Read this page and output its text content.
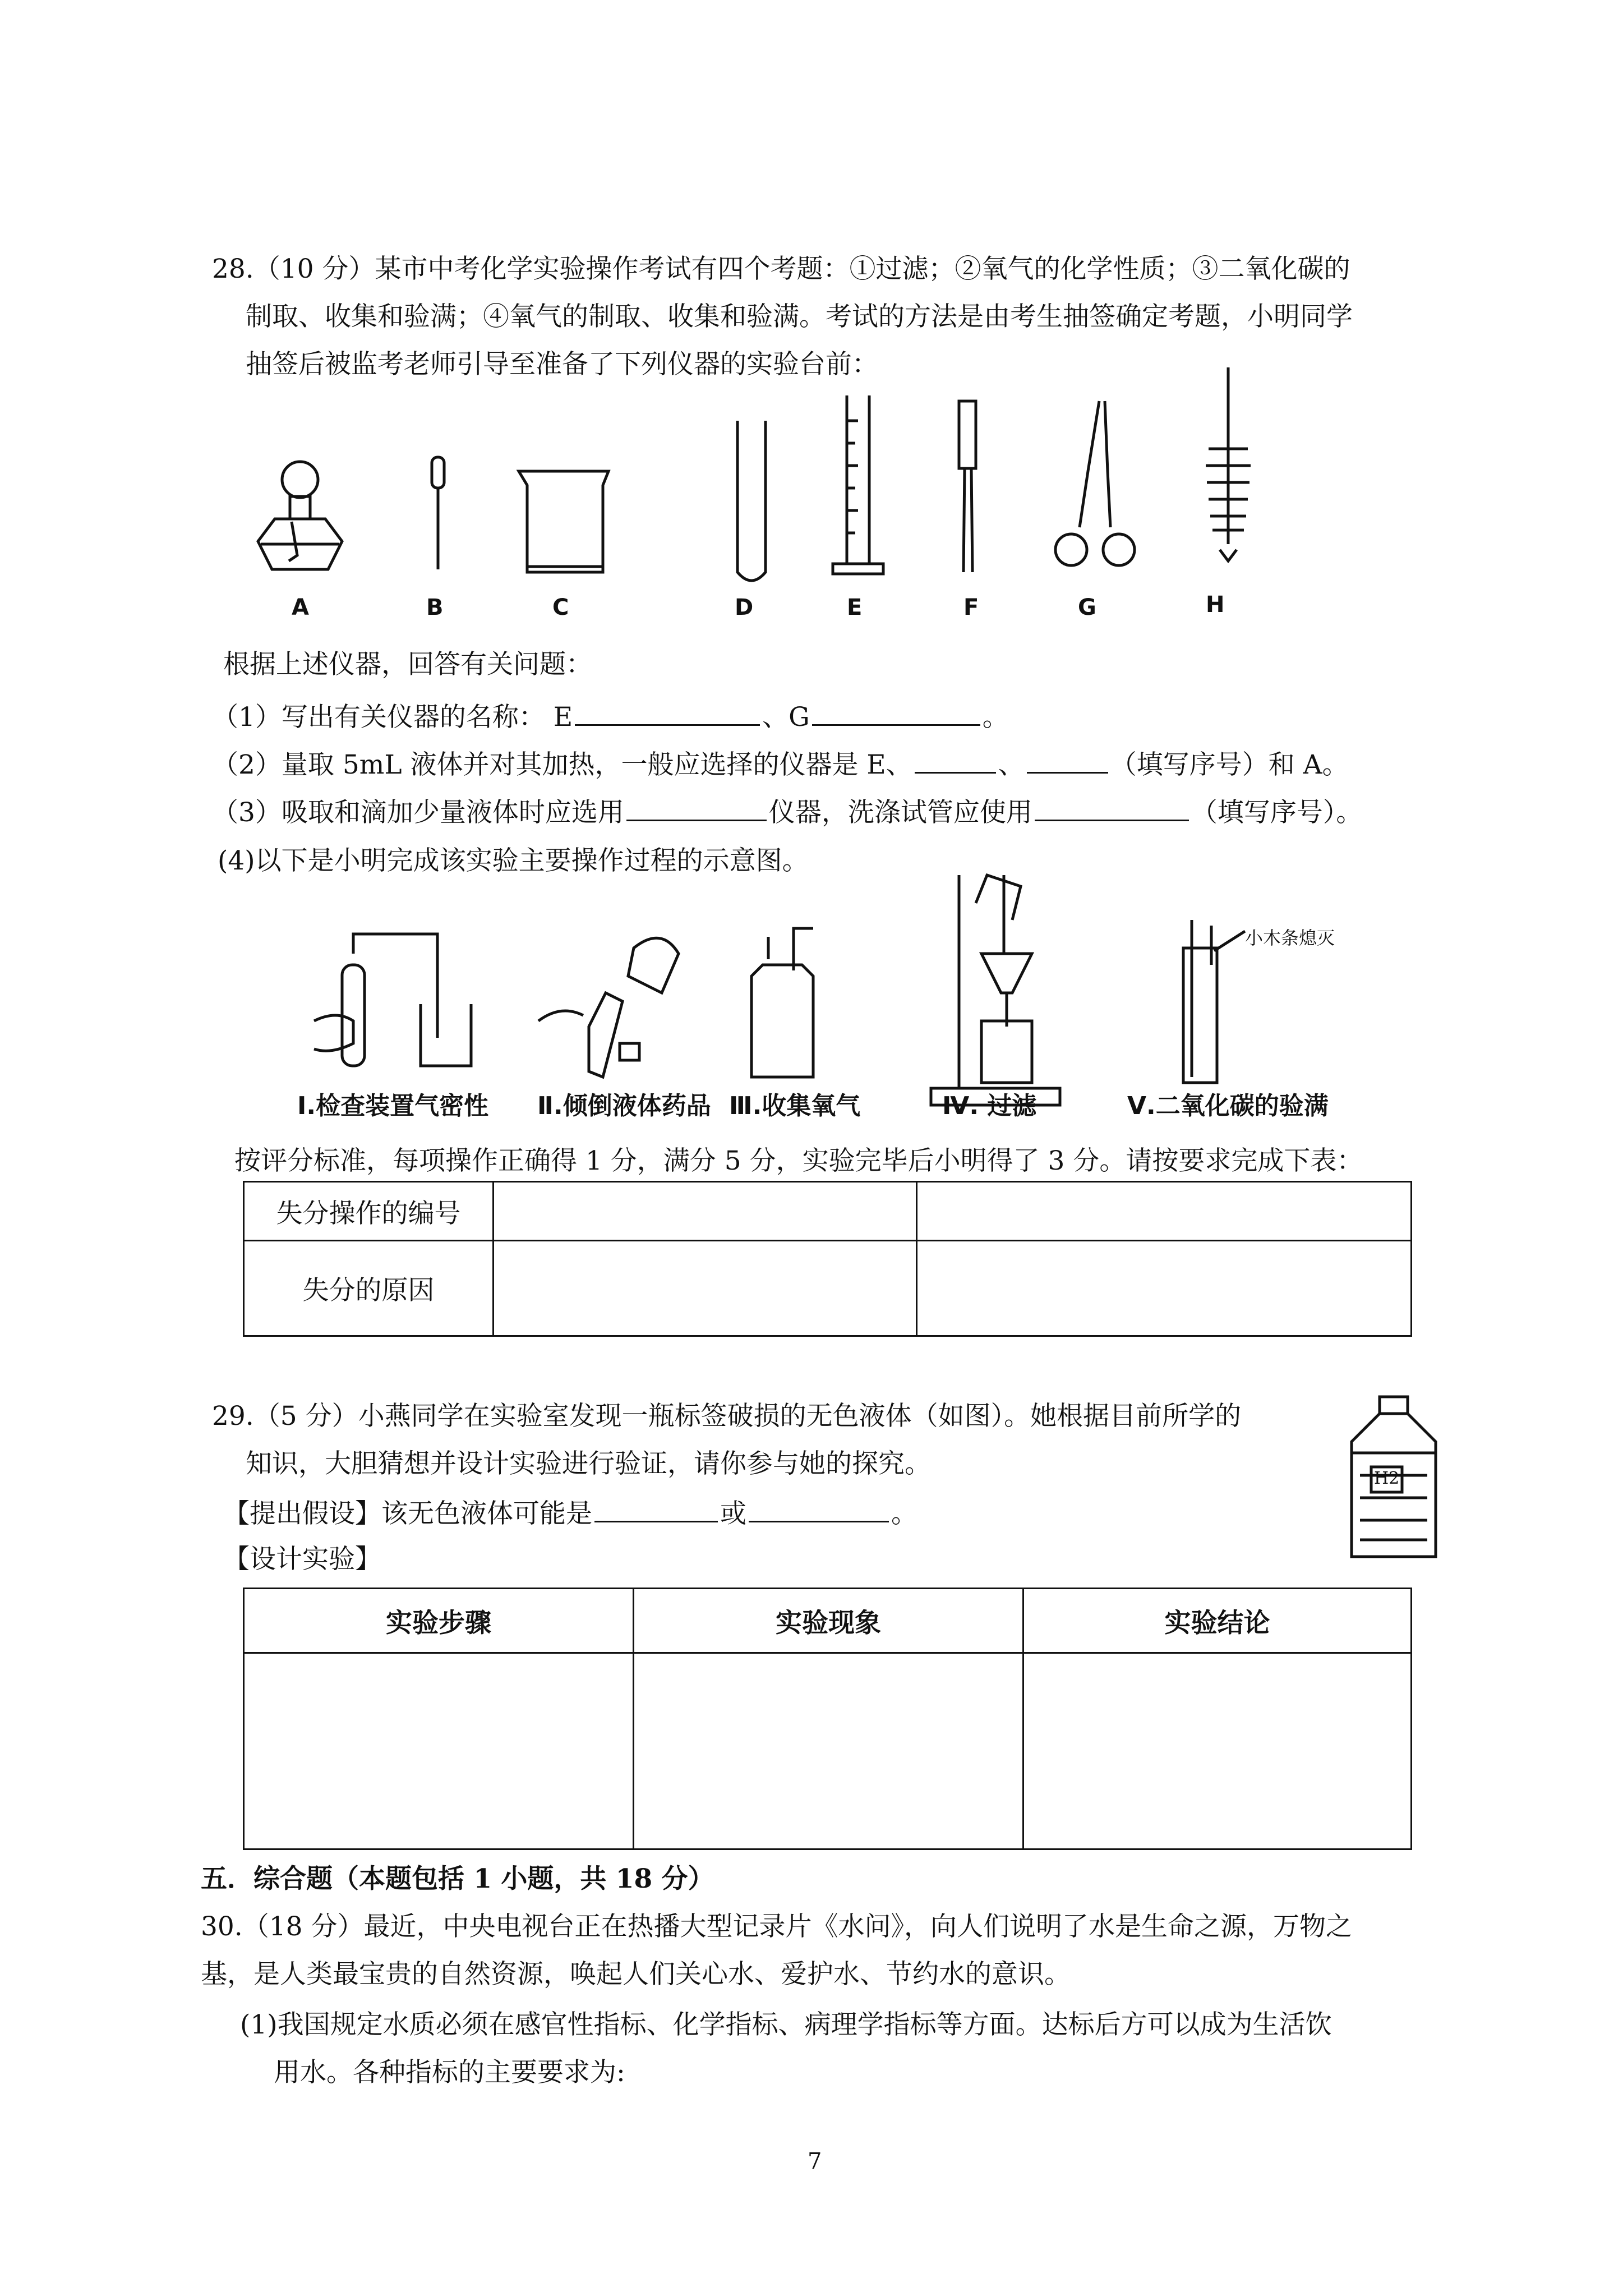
28.（10 分）某市中考化学实验操作考试有四个考题：①过滤；②氧气的化学性质；③二氧化碳的
制取、收集和验满；④氧气的制取、收集和验满。考试的方法是由考生抽签确定考题，小明同学
抽签后被监考老师引导至准备了下列仪器的实验台前：
A	B	C	D	E	F	G	H
根据上述仪器，回答有关问题：
（1）写出有关仪器的名称： E	、G	。
（2）量取 5mL 液体并对其加热，一般应选择的仪器是 E、	、	（填写序号）和 A。
（3）吸取和滴加少量液体时应选用	仪器，洗涤试管应使用	（填写序号）。
(4)以下是小明完成该实验主要操作过程的示意图。
小木条熄灭
Ⅰ.检查装置气密性 Ⅱ.倾倒液体药品 Ⅲ.收集氧气	Ⅳ. 过滤	Ⅴ.二氧化碳的验满
按评分标准，每项操作正确得 1 分，满分 5 分，实验完毕后小明得了 3 分。请按要求完成下表：
失分操作的编号		
失分的原因		
29.（5 分）小燕同学在实验室发现一瓶标签破损的无色液体（如图）。她根据目前所学的
知识，大胆猜想并设计实验进行验证，请你参与她的探究。
【提出假设】该无色液体可能是	或	。
【设计实验】
H2
实验步骤	实验现象	实验结论

五．综合题（本题包括 1 小题，共 18 分）
30.（18 分）最近，中央电视台正在热播大型记录片《水问》，向人们说明了水是生命之源，万物之
基，是人类最宝贵的自然资源，唤起人们关心水、爱护水、节约水的意识。
(1)我国规定水质必须在感官性指标、化学指标、病理学指标等方面。达标后方可以成为生活饮
用水。各种指标的主要要求为:
7
